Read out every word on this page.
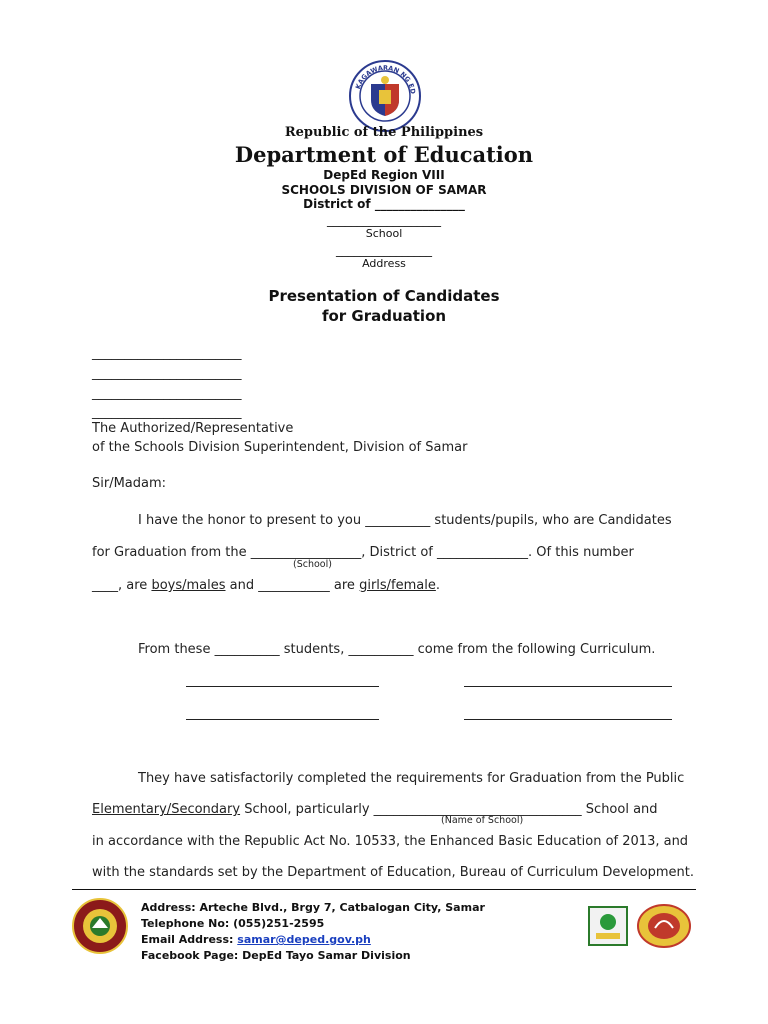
KAGAWARAN NG ED
Republic of the Philippines
Department of Education
DepEd Region VIII
SCHOOLS DIVISION OF SAMAR
District of _______________
___________________
School
________________
Address
Presentation of Candidates
for Graduation
_______________________
_______________________
_______________________
_______________________
The Authorized/Representative
of the Schools Division Superintendent, Division of Samar
Sir/Madam:
I have the honor to present to you __________ students/pupils, who are Candidates
for Graduation from the _________________, District of ______________. Of this number
(School)
____, are boys/males and ___________ are girls/female.
From these __________ students, __________ come from the following Curriculum.
They have satisfactorily completed the requirements for Graduation from the Public
Elementary/Secondary School, particularly ________________________________ School and
(Name of School)
in accordance with the Republic Act No. 10533, the Enhanced Basic Education of 2013, and
with the standards set by the Department of Education, Bureau of Curriculum Development.
Address: Arteche Blvd., Brgy 7, Catbalogan City, Samar
Telephone No: (055)251-2595
Email Address: samar@deped.gov.ph
Facebook Page: DepEd Tayo Samar Division
